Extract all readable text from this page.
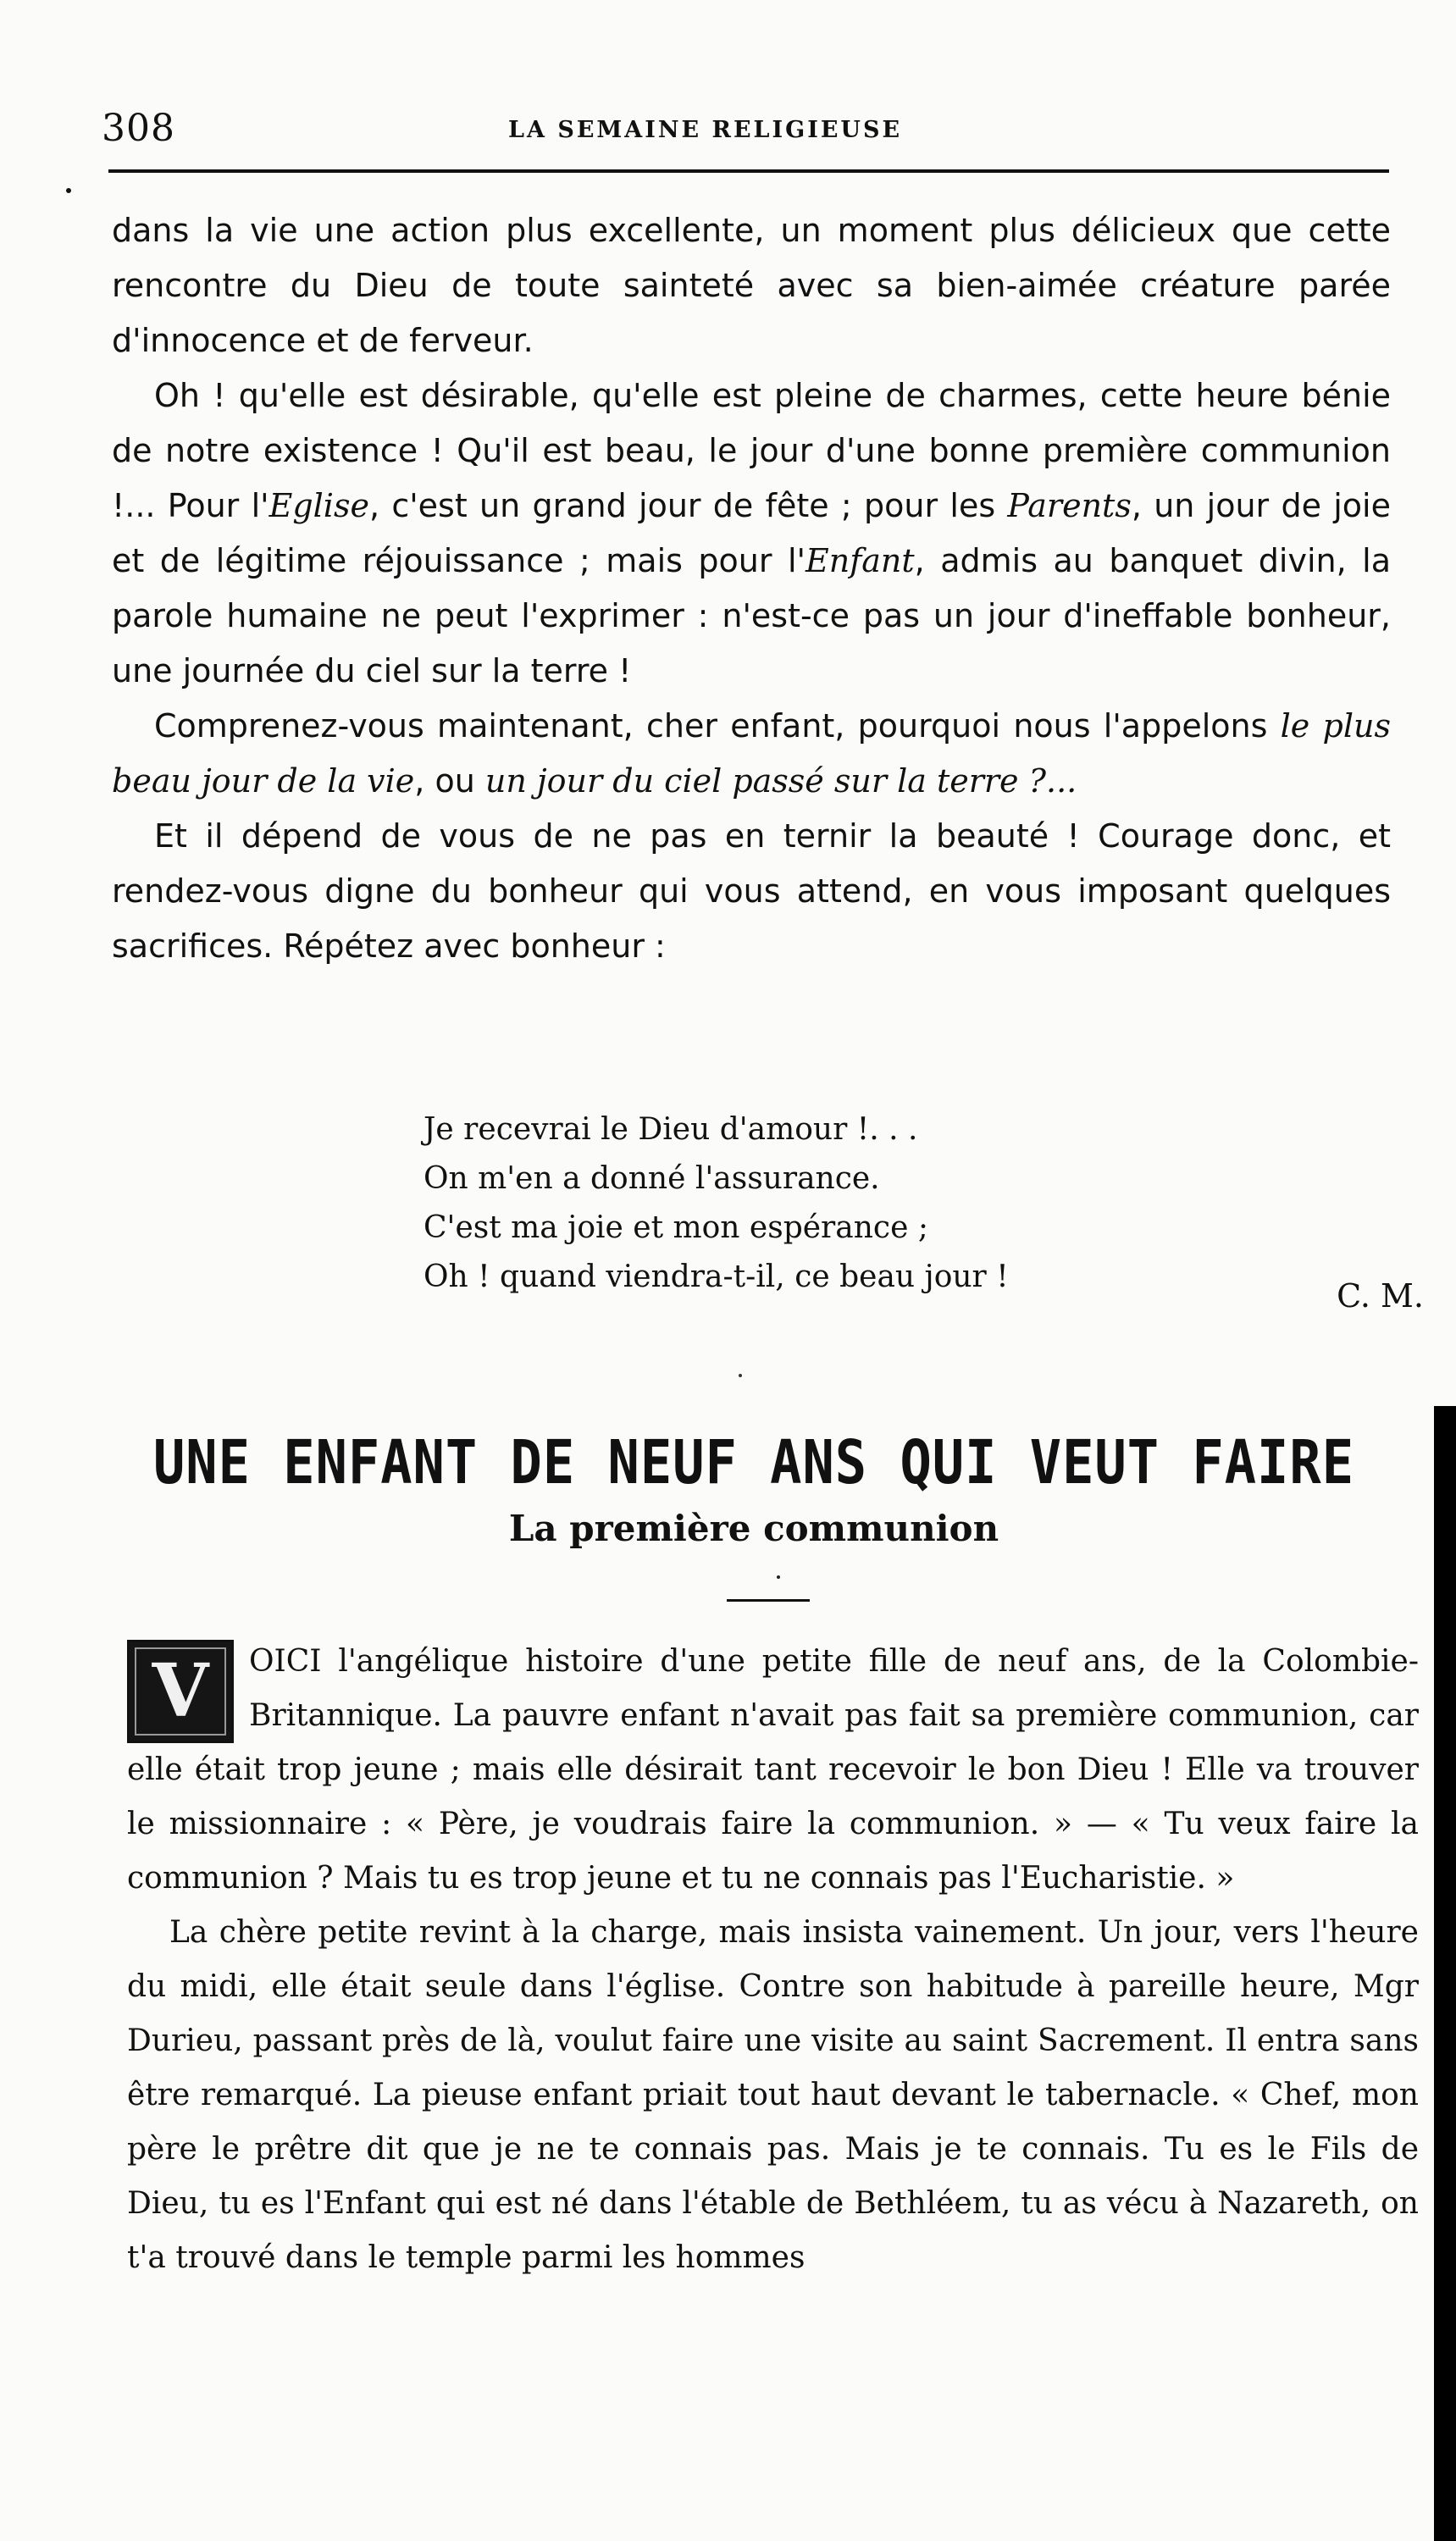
308	LA SEMAINE RELIGIEUSE

dans la vie une action plus excellente, un moment plus délicieux que cette rencontre du Dieu de toute sainteté avec sa bien-aimée créature parée d'innocence et de ferveur.

Oh ! qu'elle est désirable, qu'elle est pleine de charmes, cette heure bénie de notre existence ! Qu'il est beau, le jour d'une bonne première communion !... Pour l'Eglise, c'est un grand jour de fête ; pour les Parents, un jour de joie et de légitime réjouissance ; mais pour l'Enfant, admis au banquet divin, la parole humaine ne peut l'exprimer : n'est-ce pas un jour d'ineffable bonheur, une journée du ciel sur la terre !

Comprenez-vous maintenant, cher enfant, pourquoi nous l'appelons le plus beau jour de la vie, ou un jour du ciel passé sur la terre ?...

Et il dépend de vous de ne pas en ternir la beauté ! Courage donc, et rendez-vous digne du bonheur qui vous attend, en vous imposant quelques sacrifices. Répétez avec bonheur :

Je recevrai le Dieu d'amour !. . .
On m'en a donné l'assurance.
C'est ma joie et mon espérance ;
Oh ! quand viendra-t-il, ce beau jour !
C. M.
UNE ENFANT DE NEUF ANS QUI VEUT FAIRE
La première communion

V	OICI l'angélique histoire d'une petite fille de neuf ans, de la Colombie-Britannique. La pauvre enfant n'avait pas fait sa première communion, car elle était trop jeune ; mais elle désirait tant recevoir le bon Dieu ! Elle va trouver le missionnaire : « Père, je voudrais faire la communion. » — « Tu veux faire la communion ? Mais tu es trop jeune et tu ne connais pas l'Eucharistie. »

La chère petite revint à la charge, mais insista vainement. Un jour, vers l'heure du midi, elle était seule dans l'église. Contre son habitude à pareille heure, Mgr Durieu, passant près de là, voulut faire une visite au saint Sacrement. Il entra sans être remarqué. La pieuse enfant priait tout haut devant le tabernacle. « Chef, mon père le prêtre dit que je ne te connais pas. Mais je te connais. Tu es le Fils de Dieu, tu es l'Enfant qui est né dans l'étable de Bethléem, tu as vécu à Nazareth, on t'a trouvé dans le temple parmi les hommes
